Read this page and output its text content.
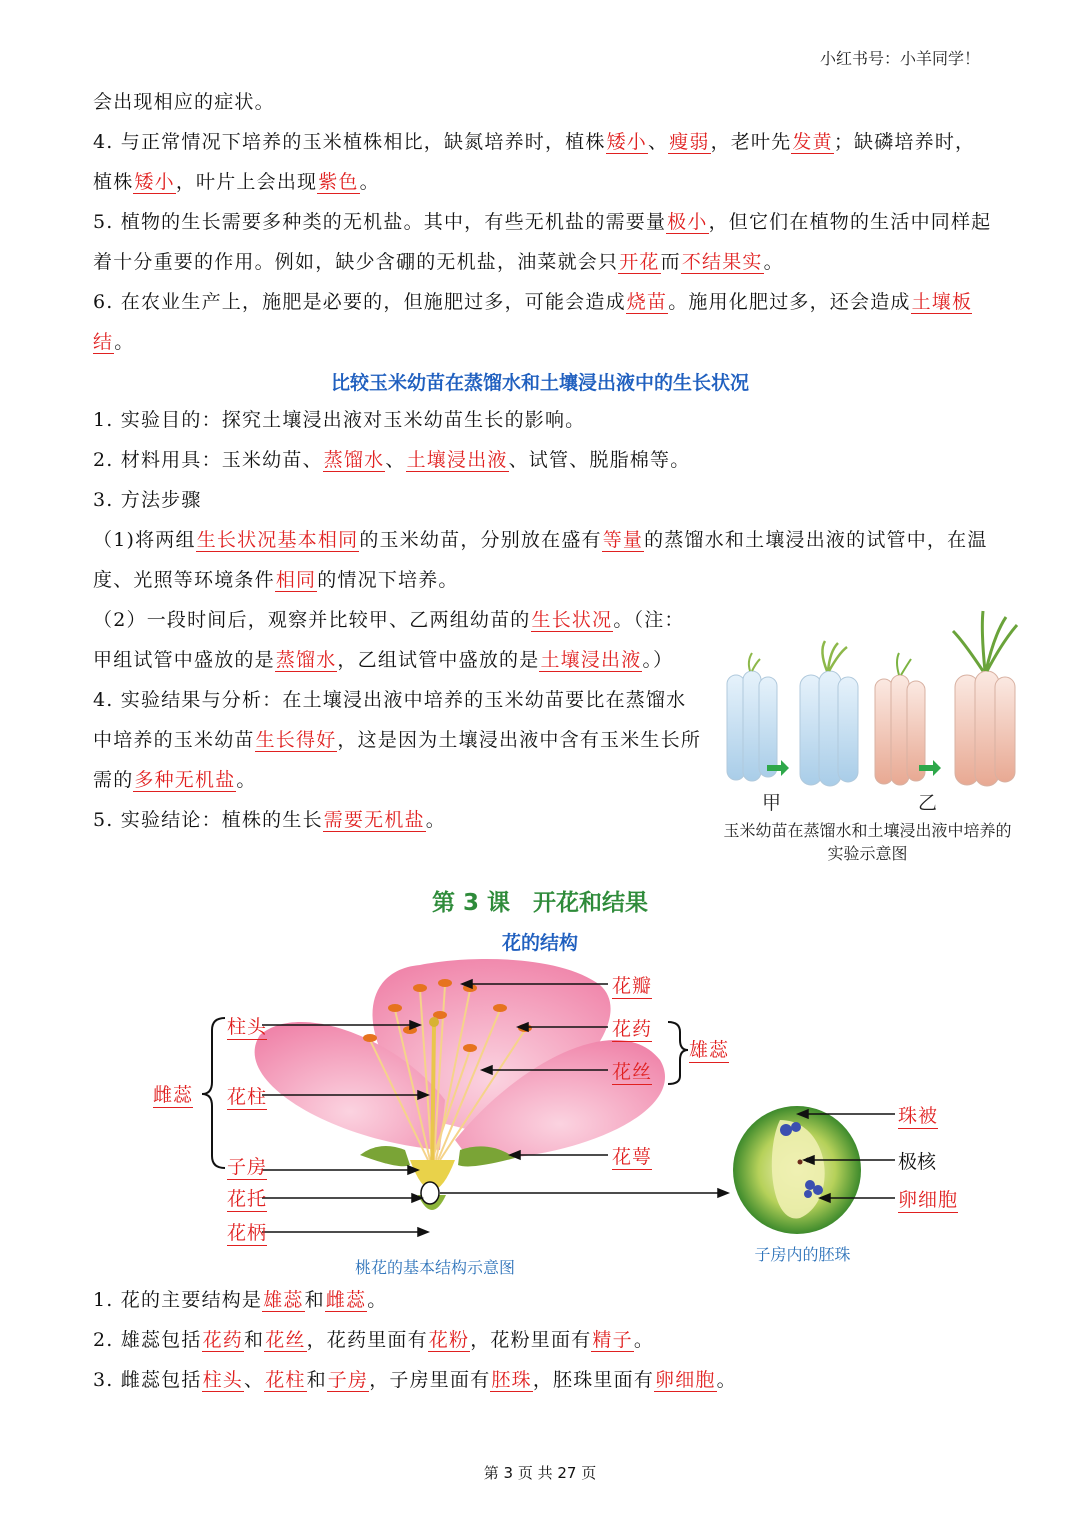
小红书号：小羊同学！
会出现相应的症状。
4. 与正常情况下培养的玉米植株相比，缺氮培养时，植株矮小、瘦弱，老叶先发黄；缺磷培养时，植株矮小，叶片上会出现紫色。
5. 植物的生长需要多种类的无机盐。其中，有些无机盐的需要量极小，但它们在植物的生活中同样起着十分重要的作用。例如，缺少含硼的无机盐，油菜就会只开花而不结果实。
6. 在农业生产上，施肥是必要的，但施肥过多，可能会造成烧苗。施用化肥过多，还会造成土壤板结。
比较玉米幼苗在蒸馏水和土壤浸出液中的生长状况
1. 实验目的：探究土壤浸出液对玉米幼苗生长的影响。
2. 材料用具：玉米幼苗、蒸馏水、土壤浸出液、试管、脱脂棉等。
3. 方法步骤
（1)将两组生长状况基本相同的玉米幼苗，分别放在盛有等量的蒸馏水和土壤浸出液的试管中，在温度、光照等环境条件相同的情况下培养。
（2）一段时间后，观察并比较甲、乙两组幼苗的生长状况。（注：甲组试管中盛放的是蒸馏水，乙组试管中盛放的是土壤浸出液。）
4. 实验结果与分析：在土壤浸出液中培养的玉米幼苗要比在蒸馏水中培养的玉米幼苗生长得好，这是因为土壤浸出液中含有玉米生长所需的多种无机盐。
5. 实验结论：植株的生长需要无机盐。
甲	乙
玉米幼苗在蒸馏水和土壤浸出液中培养的
实验示意图
第 3 课　开花和结果
花的结构
花瓣
花药
花丝
雄蕊
花萼
柱头
花柱
子房
花托
花柄
雌蕊
珠被
极核
卵细胞
桃花的基本结构示意图
子房内的胚珠
1. 花的主要结构是雄蕊和雌蕊。
2. 雄蕊包括花药和花丝，花药里面有花粉，花粉里面有精子。
3. 雌蕊包括柱头、花柱和子房，子房里面有胚珠，胚珠里面有卵细胞。
第 3 页 共 27 页
